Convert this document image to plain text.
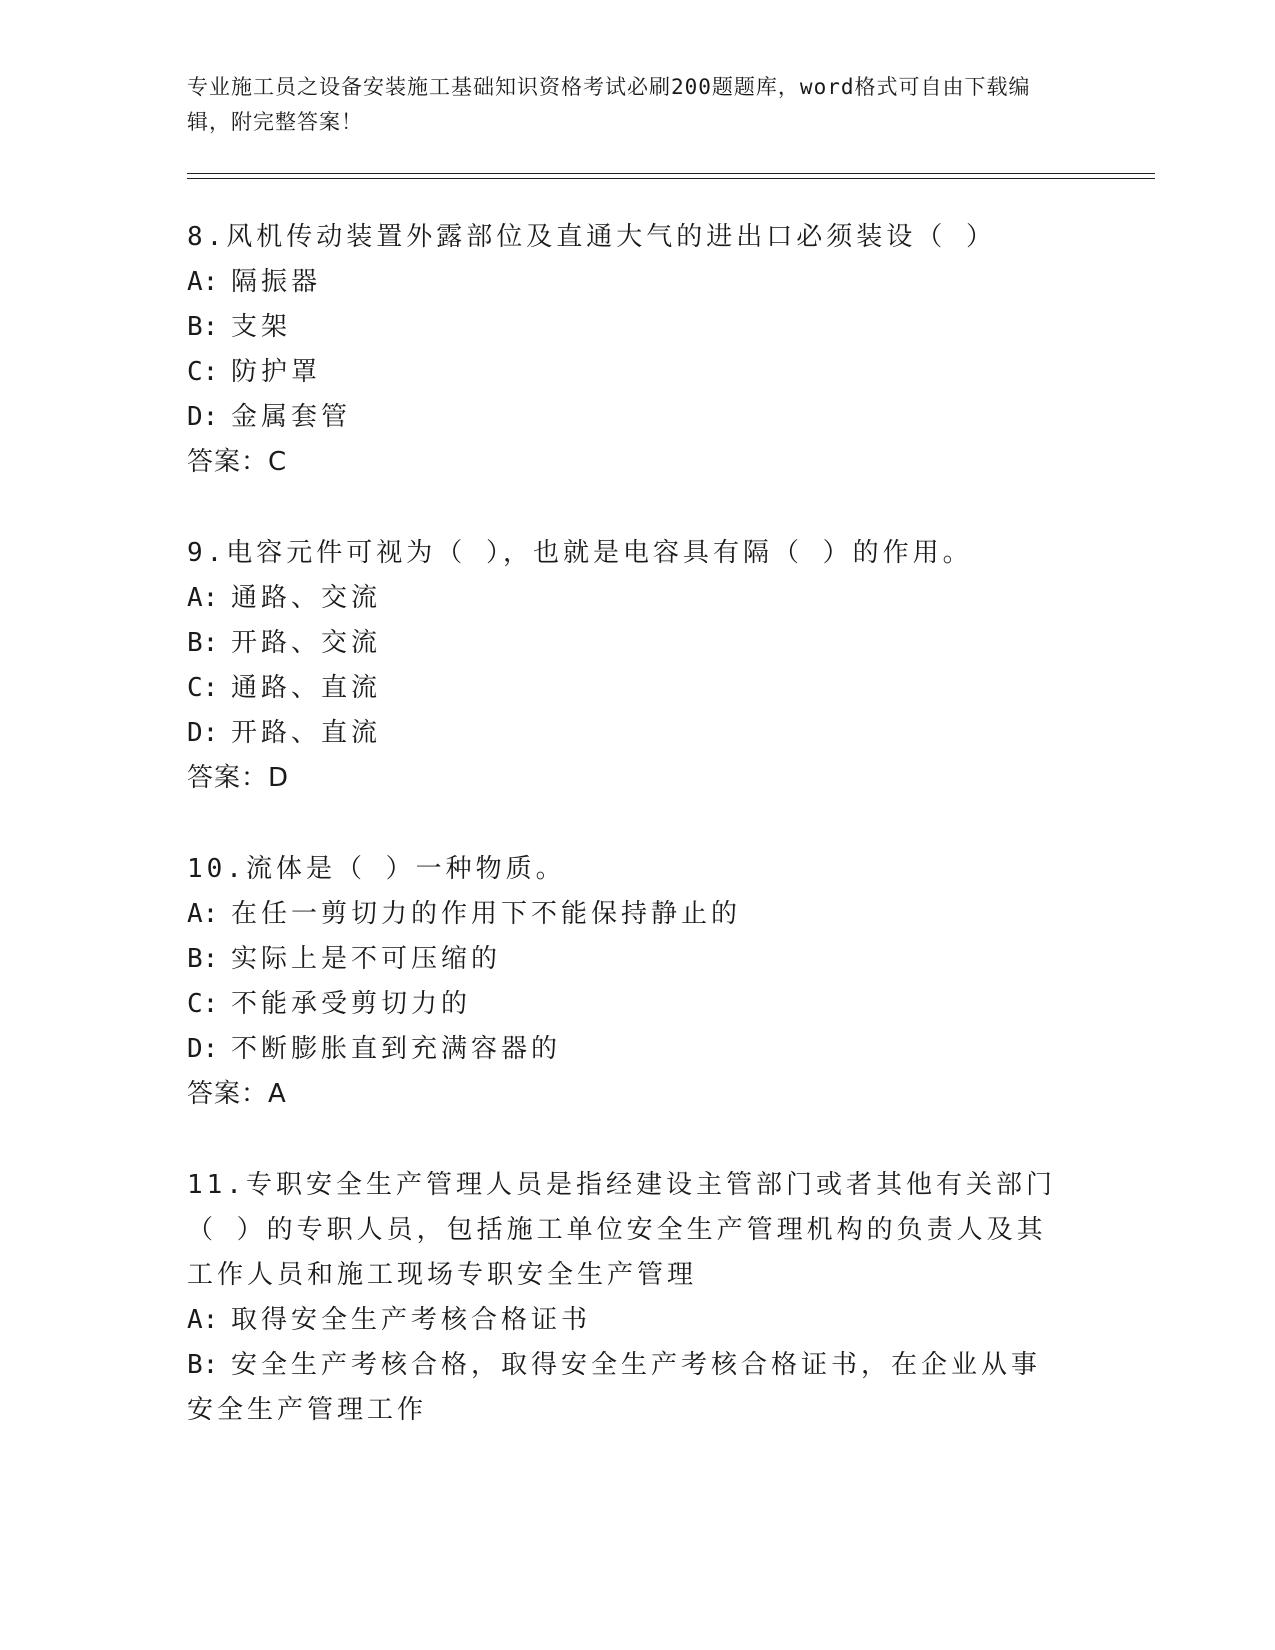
专业施工员之设备安装施工基础知识资格考试必刷200题题库，word格式可自由下载编辑，附完整答案！
8.风机传动装置外露部位及直通大气的进出口必须装设（ ）
A: 隔振器
B: 支架
C: 防护罩
D: 金属套管
答案：C
9.电容元件可视为（ ），也就是电容具有隔（ ）的作用。
A: 通路、交流
B: 开路、交流
C: 通路、直流
D: 开路、直流
答案：D
10.流体是（ ）一种物质。
A: 在任一剪切力的作用下不能保持静止的
B: 实际上是不可压缩的
C: 不能承受剪切力的
D: 不断膨胀直到充满容器的
答案：A
11.专职安全生产管理人员是指经建设主管部门或者其他有关部门（ ）的专职人员，包括施工单位安全生产管理机构的负责人及其工作人员和施工现场专职安全生产管理
A: 取得安全生产考核合格证书
B: 安全生产考核合格，取得安全生产考核合格证书，在企业从事安全生产管理工作
